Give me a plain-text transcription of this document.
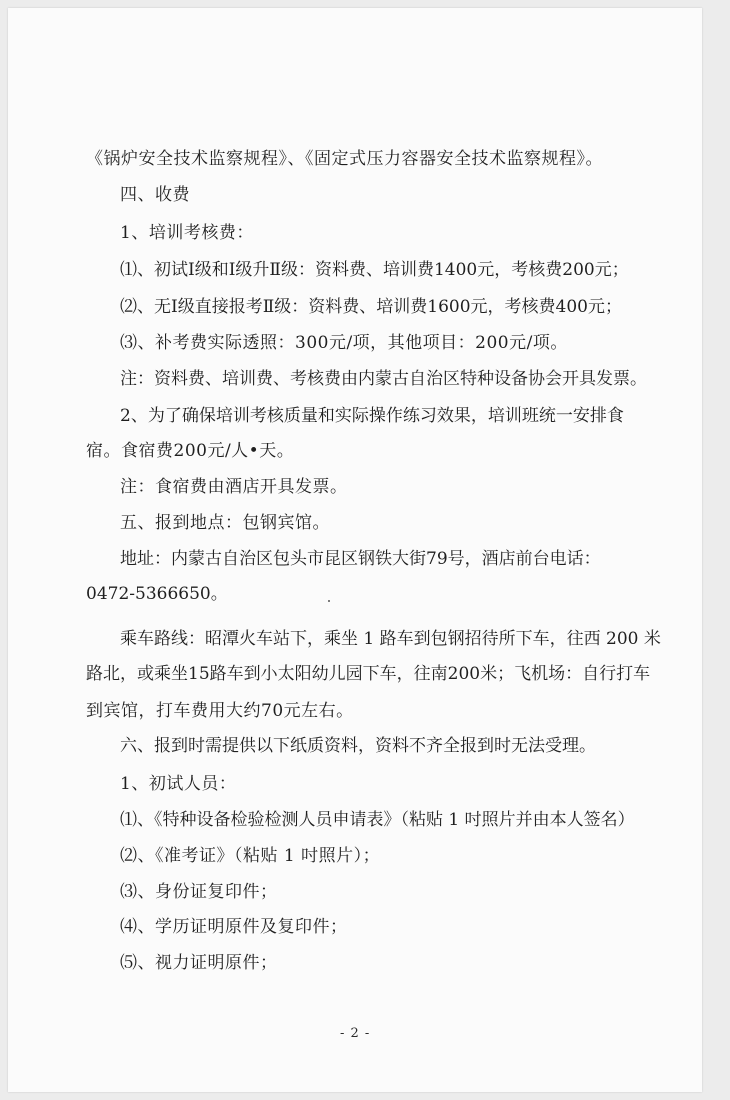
《锅炉安全技术监察规程》、《固定式压力容器安全技术监察规程》。
四、收费
1、培训考核费：
⑴、初试Ⅰ级和Ⅰ级升Ⅱ级：资料费、培训费1400元，考核费200元；
⑵、无Ⅰ级直接报考Ⅱ级：资料费、培训费1600元，考核费400元；
⑶、补考费实际透照：300元/项，其他项目：200元/项。
注：资料费、培训费、考核费由内蒙古自治区特种设备协会开具发票。
2、为了确保培训考核质量和实际操作练习效果，培训班统一安排食
宿。食宿费200元/人•天。
注：食宿费由酒店开具发票。
五、报到地点：包钢宾馆。
地址：内蒙古自治区包头市昆区钢铁大街79号，酒店前台电话：
0472-5366650。
乘车路线：昭潭火车站下，乘坐 1 路车到包钢招待所下车，往西 200 米
路北，或乘坐15路车到小太阳幼儿园下车，往南200米；飞机场：自行打车
到宾馆，打车费用大约70元左右。
六、报到时需提供以下纸质资料，资料不齐全报到时无法受理。
1、初试人员：
⑴、《特种设备检验检测人员申请表》（粘贴 1 吋照片并由本人签名）
⑵、《准考证》（粘贴 1 吋照片）；
⑶、身份证复印件；
⑷、学历证明原件及复印件；
⑸、视力证明原件；
- 2 -
